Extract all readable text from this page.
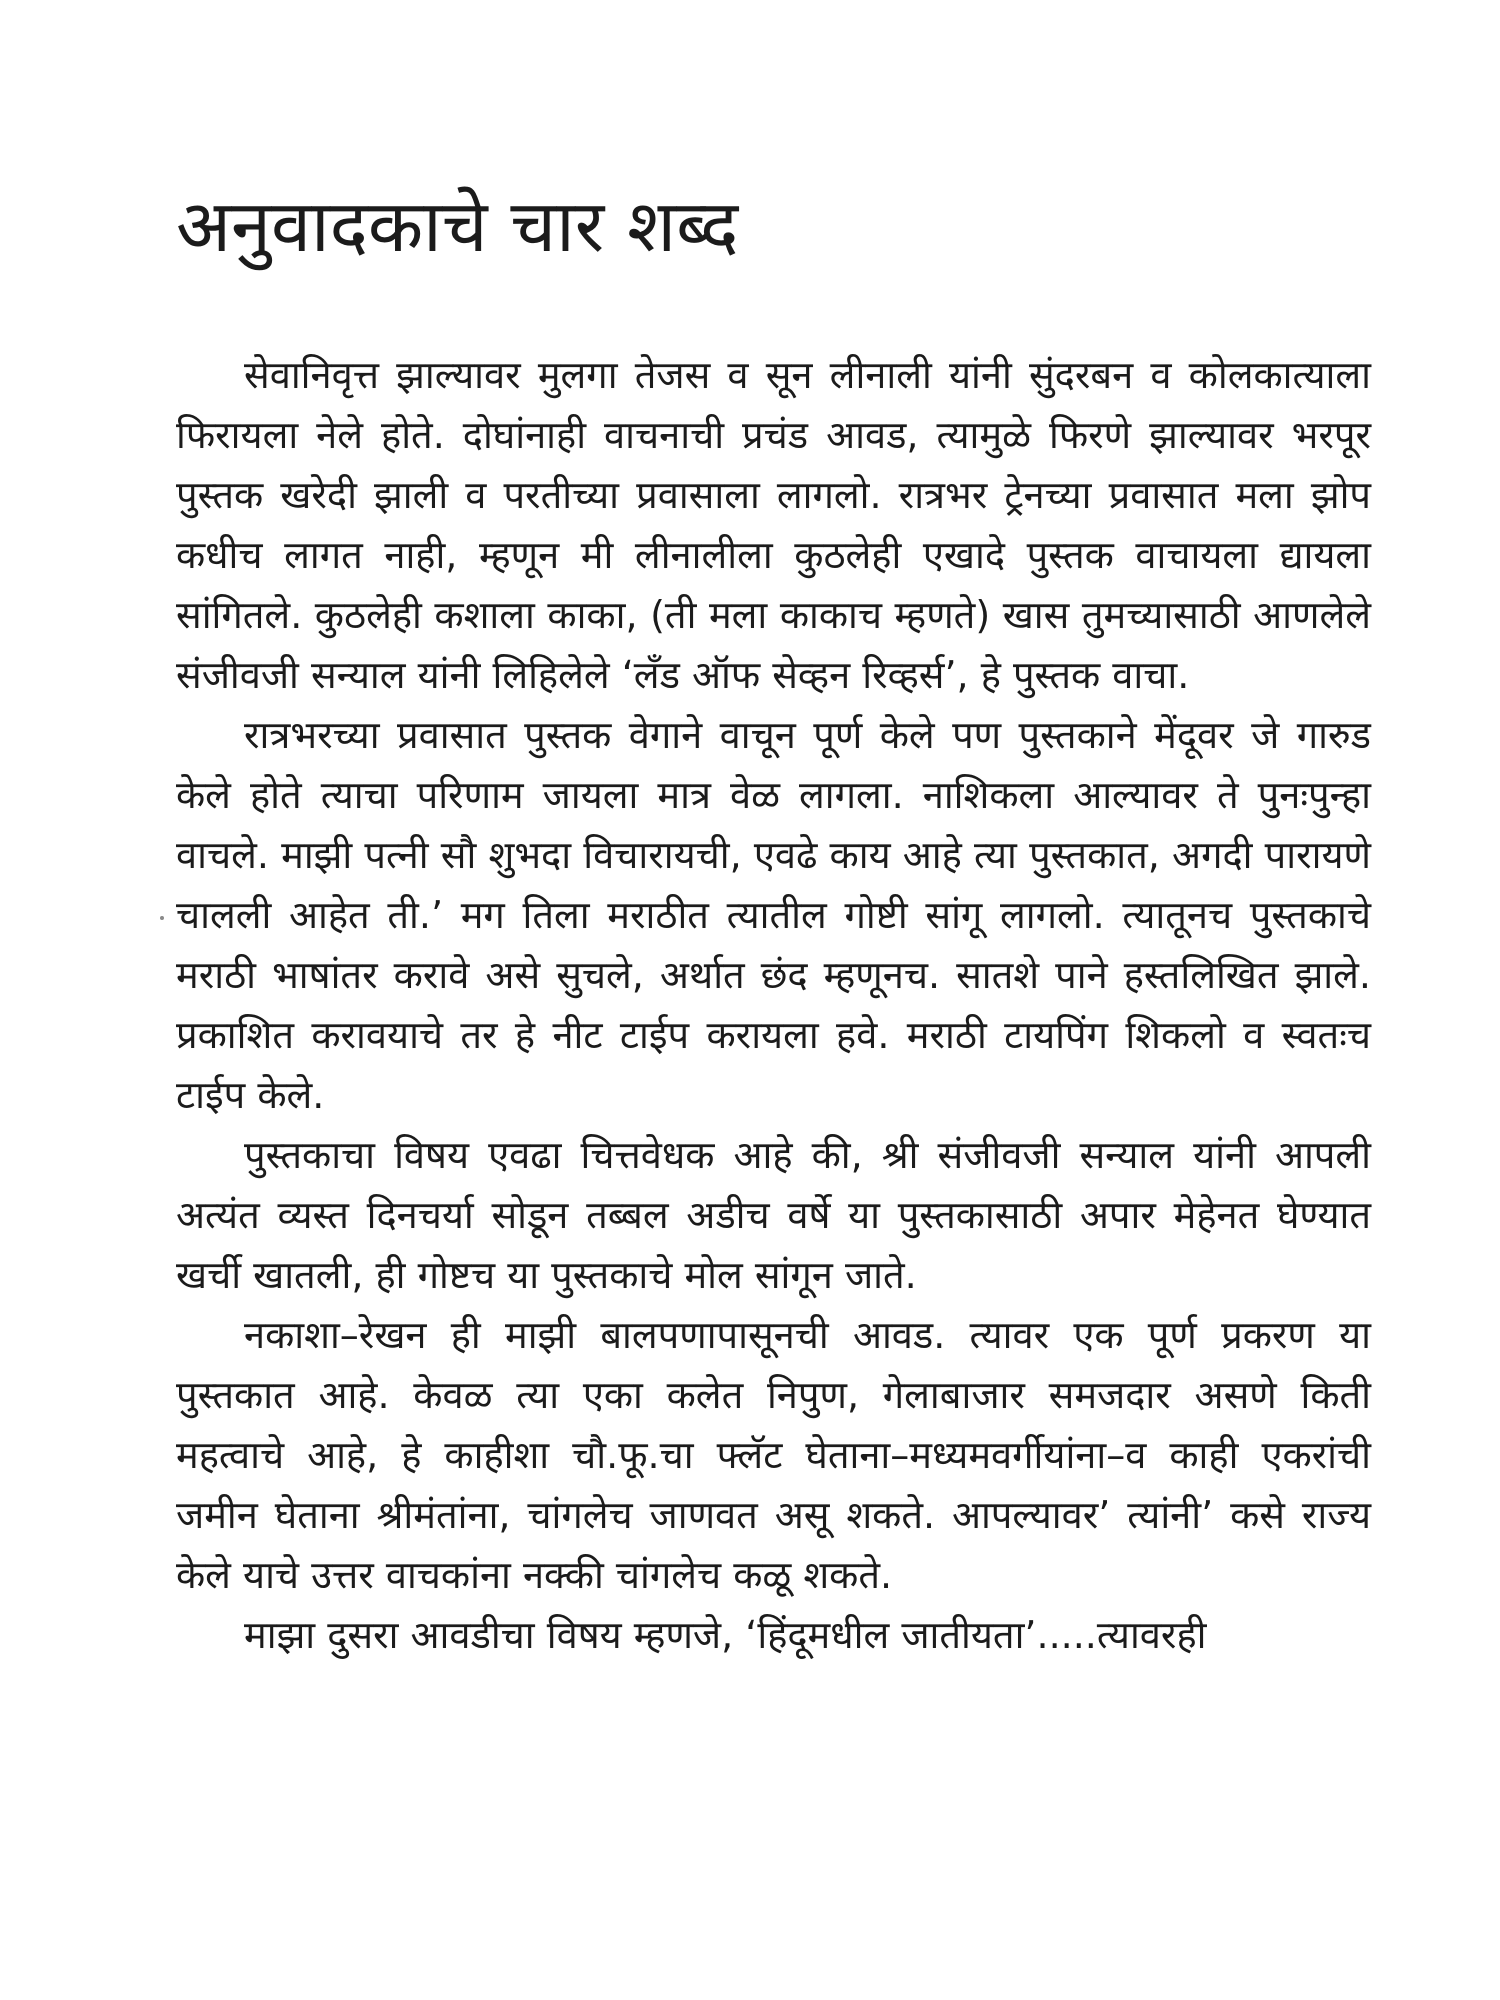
अनुवादकाचे चार शब्द

सेवानिवृत्त झाल्यावर मुलगा तेजस व सून लीनाली यांनी सुंदरबन व कोलकात्याला फिरायला नेले होते. दोघांनाही वाचनाची प्रचंड आवड, त्यामुळे फिरणे झाल्यावर भरपूर पुस्तक खरेदी झाली व परतीच्या प्रवासाला लागलो. रात्रभर ट्रेनच्या प्रवासात मला झोप कधीच लागत नाही, म्हणून मी लीनालीला कुठलेही एखादे पुस्तक वाचायला द्यायला सांगितले. कुठलेही कशाला काका, (ती मला काकाच म्हणते) खास तुमच्यासाठी आणलेले संजीवजी सन्याल यांनी लिहिलेले ‘लँड ऑफ सेव्हन रिव्हर्स’, हे पुस्तक वाचा.

रात्रभरच्या प्रवासात पुस्तक वेगाने वाचून पूर्ण केले पण पुस्तकाने मेंदूवर जे गारुड केले होते त्याचा परिणाम जायला मात्र वेळ लागला. नाशिकला आल्यावर ते पुनःपुन्हा वाचले. माझी पत्नी सौ शुभदा विचारायची, एवढे काय आहे त्या पुस्तकात, अगदी पारायणे चालली आहेत ती.’ मग तिला मराठीत त्यातील गोष्टी सांगू लागलो. त्यातूनच पुस्तकाचे मराठी भाषांतर करावे असे सुचले, अर्थात छंद म्हणूनच. सातशे पाने हस्तलिखित झाले. प्रकाशित करावयाचे तर हे नीट टाईप करायला हवे. मराठी टायपिंग शिकलो व स्वतःच टाईप केले.

पुस्तकाचा विषय एवढा चित्तवेधक आहे की, श्री संजीवजी सन्याल यांनी आपली अत्यंत व्यस्त दिनचर्या सोडून तब्बल अडीच वर्षे या पुस्तकासाठी अपार मेहेनत घेण्यात खर्ची खातली, ही गोष्टच या पुस्तकाचे मोल सांगून जाते.

नकाशा–रेखन ही माझी बालपणापासूनची आवड. त्यावर एक पूर्ण प्रकरण या पुस्तकात आहे. केवळ त्या एका कलेत निपुण, गेलाबाजार समजदार असणे किती महत्वाचे आहे, हे काहीशा चौ.फू.चा फ्लॅट घेताना–मध्यमवर्गीयांना–व काही एकरांची जमीन घेताना श्रीमंतांना, चांगलेच जाणवत असू शकते. आपल्यावर’ त्यांनी’ कसे राज्य केले याचे उत्तर वाचकांना नक्की चांगलेच कळू शकते.

माझा दुसरा आवडीचा विषय म्हणजे, ‘हिंदूमधील जातीयता’.....त्यावरही
